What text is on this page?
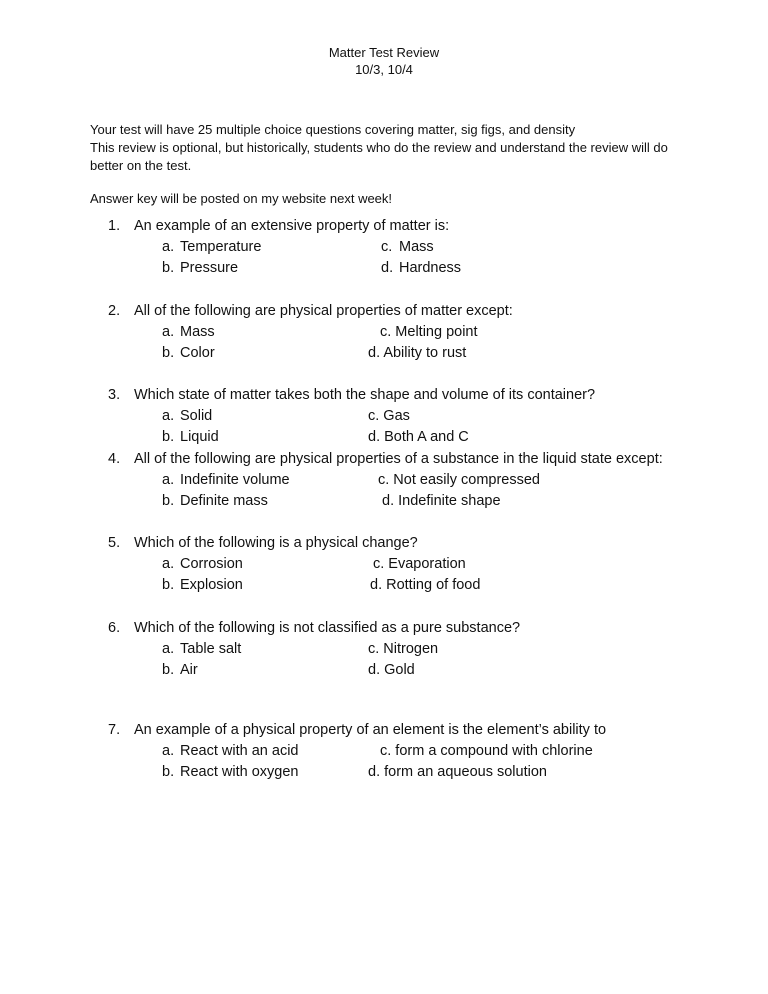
Matter Test Review
10/3, 10/4
Your test will have 25 multiple choice questions covering matter, sig figs, and density
This review is optional, but historically, students who do the review and understand the review will do
better on the test.
Answer key will be posted on my website next week!
1. An example of an extensive property of matter is:
a. Temperature	c. Mass
b. Pressure	d. Hardness
2. All of the following are physical properties of matter except:
a. Mass	c. Melting point
b. Color	d. Ability to rust
3. Which state of matter takes both the shape and volume of its container?
a. Solid	c. Gas
b. Liquid	d. Both A and C
4. All of the following are physical properties of a substance in the liquid state except:
a. Indefinite volume	c. Not easily compressed
b. Definite mass	d. Indefinite shape
5. Which of the following is a physical change?
a. Corrosion	c. Evaporation
b. Explosion	d. Rotting of food
6. Which of the following is not classified as a pure substance?
a. Table salt	c. Nitrogen
b. Air	d. Gold
7. An example of a physical property of an element is the element’s ability to
a. React with an acid	c. form a compound with chlorine
b. React with oxygen	d. form an aqueous solution
